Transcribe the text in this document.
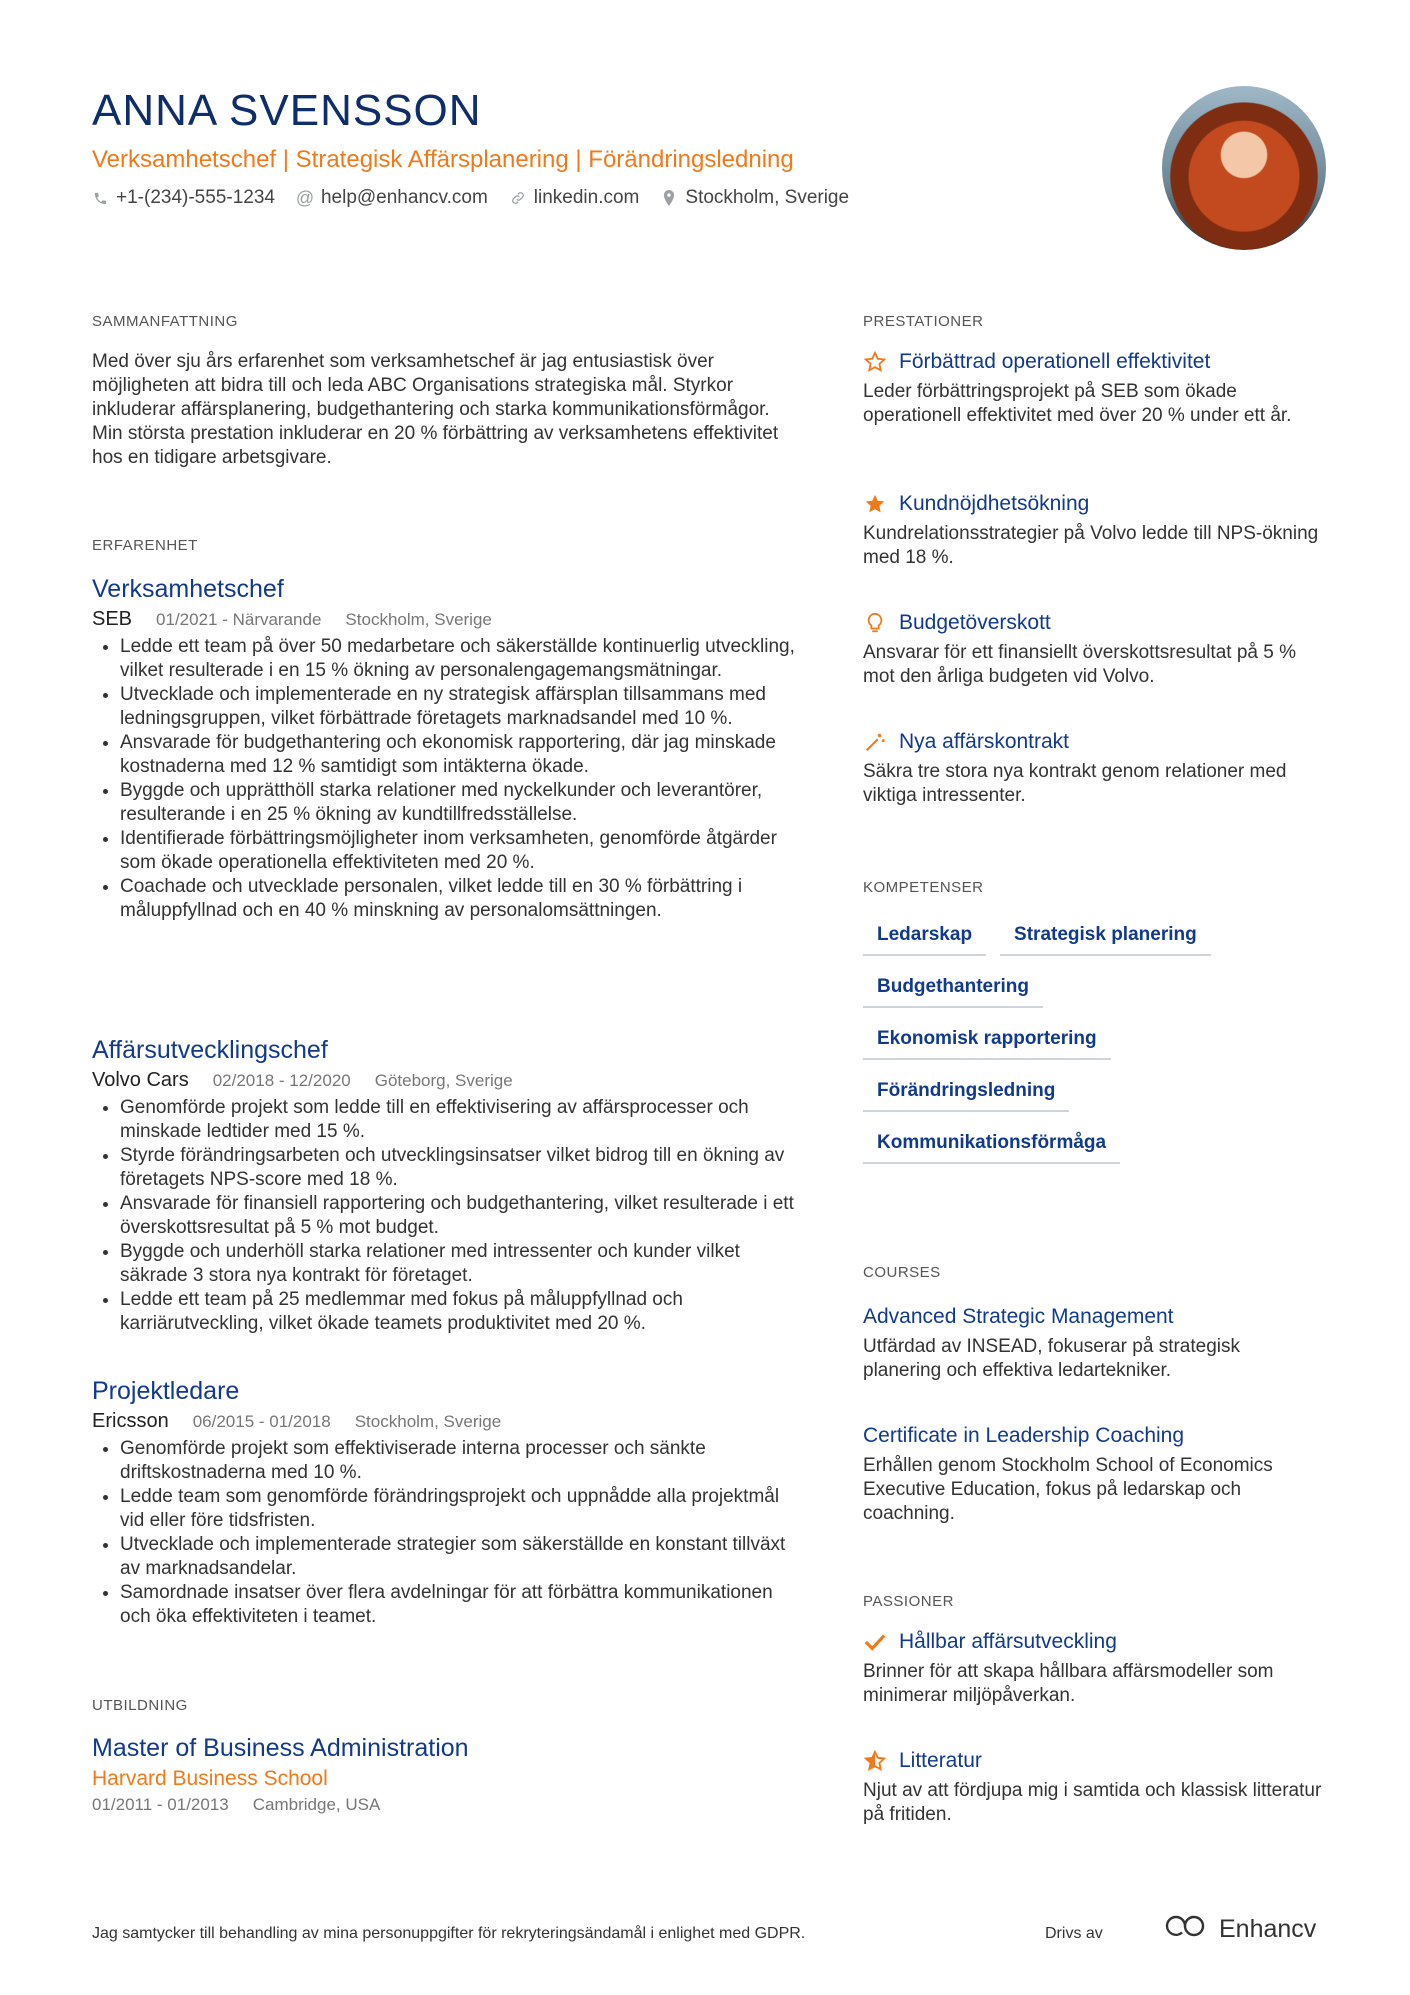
ANNA SVENSSON
Verksamhetschef | Strategisk Affärsplanering | Förändringsledning
+1-(234)-555-1234 @ help@enhancv.com linkedin.com Stockholm, Sverige
SAMMANFATTNING
Med över sju års erfarenhet som verksamhetschef är jag entusiastisk över möjligheten att bidra till och leda ABC Organisations strategiska mål. Styrkor inkluderar affärsplanering, budgethantering och starka kommunikationsförmågor. Min största prestation inkluderar en 20 % förbättring av verksamhetens effektivitet hos en tidigare arbetsgivare.
ERFARENHET
Verksamhetschef
SEB 01/2021 - Närvarande Stockholm, Sverige
• Ledde ett team på över 50 medarbetare och säkerställde kontinuerlig utveckling, vilket resulterade i en 15 % ökning av personalengagemangsmätningar.
• Utvecklade och implementerade en ny strategisk affärsplan tillsammans med ledningsgruppen, vilket förbättrade företagets marknadsandel med 10 %.
• Ansvarade för budgethantering och ekonomisk rapportering, där jag minskade kostnaderna med 12 % samtidigt som intäkterna ökade.
• Byggde och upprätthöll starka relationer med nyckelkunder och leverantörer, resulterande i en 25 % ökning av kundtillfredsställelse.
• Identifierade förbättringsmöjligheter inom verksamheten, genomförde åtgärder som ökade operationella effektiviteten med 20 %.
• Coachade och utvecklade personalen, vilket ledde till en 30 % förbättring i måluppfyllnad och en 40 % minskning av personalomsättningen.
Affärsutvecklingschef
Volvo Cars 02/2018 - 12/2020 Göteborg, Sverige
• Genomförde projekt som ledde till en effektivisering av affärsprocesser och minskade ledtider med 15 %.
• Styrde förändringsarbeten och utvecklingsinsatser vilket bidrog till en ökning av företagets NPS-score med 18 %.
• Ansvarade för finansiell rapportering och budgethantering, vilket resulterade i ett överskottsresultat på 5 % mot budget.
• Byggde och underhöll starka relationer med intressenter och kunder vilket säkrade 3 stora nya kontrakt för företaget.
• Ledde ett team på 25 medlemmar med fokus på måluppfyllnad och karriärutveckling, vilket ökade teamets produktivitet med 20 %.
Projektledare
Ericsson 06/2015 - 01/2018 Stockholm, Sverige
• Genomförde projekt som effektiviserade interna processer och sänkte driftskostnaderna med 10 %.
• Ledde team som genomförde förändringsprojekt och uppnådde alla projektmål vid eller före tidsfristen.
• Utvecklade och implementerade strategier som säkerställde en konstant tillväxt av marknadsandelar.
• Samordnade insatser över flera avdelningar för att förbättra kommunikationen och öka effektiviteten i teamet.
UTBILDNING
Master of Business Administration
Harvard Business School
01/2011 - 01/2013 Cambridge, USA
PRESTATIONER
Förbättrad operationell effektivitet
Leder förbättringsprojekt på SEB som ökade operationell effektivitet med över 20 % under ett år.
Kundnöjdhetsökning
Kundrelationsstrategier på Volvo ledde till NPS-ökning med 18 %.
Budgetöverskott
Ansvarar för ett finansiellt överskottsresultat på 5 % mot den årliga budgeten vid Volvo.
Nya affärskontrakt
Säkra tre stora nya kontrakt genom relationer med viktiga intressenter.
KOMPETENSER
Ledarskap	Strategisk planering
Budgethantering
Ekonomisk rapportering
Förändringsledning
Kommunikationsförmåga
COURSES
Advanced Strategic Management
Utfärdad av INSEAD, fokuserar på strategisk planering och effektiva ledartekniker.
Certificate in Leadership Coaching
Erhållen genom Stockholm School of Economics Executive Education, fokus på ledarskap och coachning.
PASSIONER
Hållbar affärsutveckling
Brinner för att skapa hållbara affärsmodeller som minimerar miljöpåverkan.
Litteratur
Njut av att fördjupa mig i samtida och klassisk litteratur på fritiden.
Jag samtycker till behandling av mina personuppgifter för rekryteringsändamål i enlighet med GDPR.	Drivs av	Enhancv
